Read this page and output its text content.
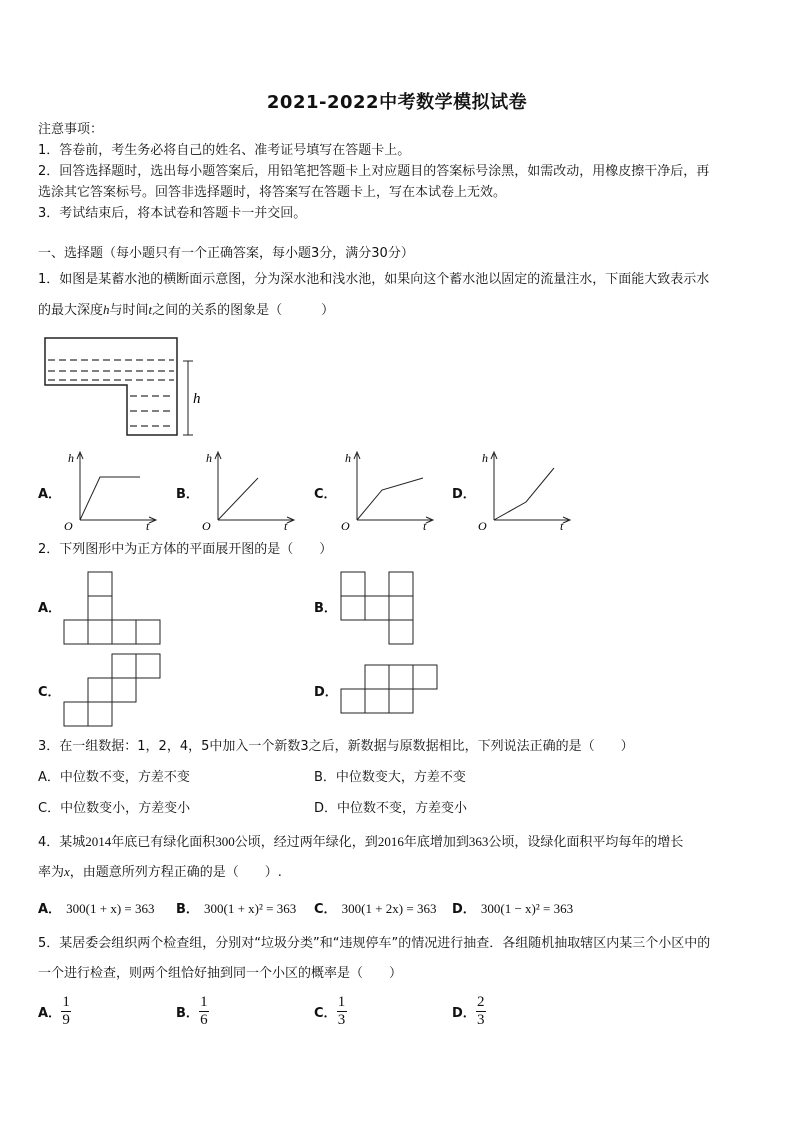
2021-2022中考数学模拟试卷
注意事项：
1．答卷前，考生务必将自己的姓名、准考证号填写在答题卡上。
2．回答选择题时，选出每小题答案后，用铅笔把答题卡上对应题目的答案标号涂黑，如需改动，用橡皮擦干净后，再
选涂其它答案标号。回答非选择题时，将答案写在答题卡上，写在本试卷上无效。
3．考试结束后，将本试卷和答题卡一并交回。
一、选择题（每小题只有一个正确答案，每小题3分，满分30分）
1．如图是某蓄水池的横断面示意图，分为深水池和浅水池，如果向这个蓄水池以固定的流量注水，下面能大致表示水
的最大深度h与时间t之间的关系的图象是（　　　）
h
A．
h
O	t
B．
h
O	t
C．
h
O	t
D．
h
O	t
2．下列图形中为正方体的平面展开图的是（　　）
A．	B．
C．	D．
3．在一组数据：1，2，4，5中加入一个新数3之后，新数据与原数据相比，下列说法正确的是（　　）
A．中位数不变，方差不变	B．中位数变大，方差不变
C．中位数变小，方差变小	D．中位数不变，方差变小
4．某城2014年底已有绿化面积300公顷，经过两年绿化，到2016年底增加到363公顷，设绿化面积平均每年的增长
率为x，由题意所列方程正确的是（　　）.
A． 300(1 + x) = 363 B． 300(1 + x)² = 363 C． 300(1 + 2x) = 363 D． 300(1 − x)² = 363
5．某居委会组织两个检查组，分别对“垃圾分类”和“违规停车”的情况进行抽查．各组随机抽取辖区内某三个小区中的
一个进行检查，则两个组恰好抽到同一个小区的概率是（　　）
A． $\frac{1}{9}$	B． $\frac{1}{6}$	C． $\frac{1}{3}$	D． $\frac{2}{3}$
